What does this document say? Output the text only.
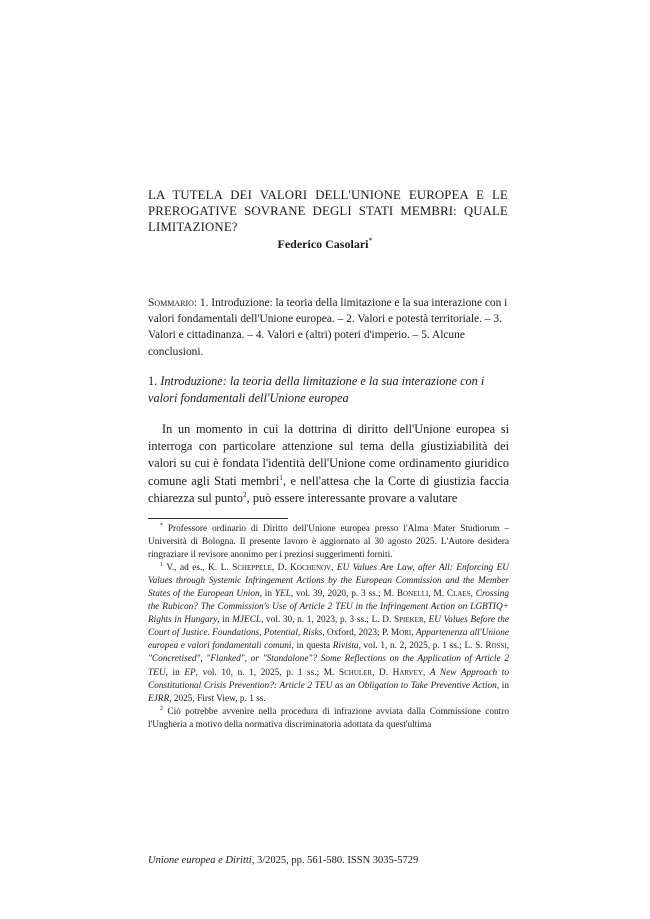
LA TUTELA DEI VALORI DELL'UNIONE EUROPEA E LE PREROGATIVE SOVRANE DEGLI STATI MEMBRI: QUALE LIMITAZIONE?

Federico Casolari*

Sommario: 1. Introduzione: la teoria della limitazione e la sua interazione con i valori fondamentali dell'Unione europea. – 2. Valori e potestà territoriale. – 3. Valori e cittadinanza. – 4. Valori e (altri) poteri d'imperio. – 5. Alcune conclusioni.

1. Introduzione: la teoria della limitazione e la sua interazione con i valori fondamentali dell'Unione europea

In un momento in cui la dottrina di diritto dell'Unione europea si interroga con particolare attenzione sul tema della giustiziabilità dei valori su cui è fondata l'identità dell'Unione come ordinamento giuridico comune agli Stati membri$^1$, e nell'attesa che la Corte di giustizia faccia chiarezza sul punto$^2$, può essere interessante provare a valutare

* Professore ordinario di Diritto dell'Unione europea presso l'Alma Mater Studiorum – Università di Bologna. Il presente lavoro è aggiornato al 30 agosto 2025. L'Autore desidera ringraziare il revisore anonimo per i preziosi suggerimenti forniti.

$^1$ V., ad es., K. L. Scheppele, D. Kochenov, EU Values Are Law, after All: Enforcing EU Values through Systemic Infringement Actions by the European Commission and the Member States of the European Union, in YEL, vol. 39, 2020, p. 3 ss.; M. Bonelli, M. Claes, Crossing the Rubicon? The Commission's Use of Article 2 TEU in the Infringement Action on LGBTIQ+ Rights in Hungary, in MJECL, vol. 30, n. 1, 2023, p. 3 ss.; L. D. Spieker, EU Values Before the Court of Justice. Foundations, Potential, Risks, Oxford, 2023; P. Mori, Appartenenza all'Unione europea e valori fondamentali comuni, in questa Rivista, vol. 1, n. 2, 2025, p. 1 ss.; L. S. Rossi, "Concretised", "Flanked", or "Standalone"? Some Reflections on the Application of Article 2 TEU, in EP, vol. 10, n. 1, 2025, p. 1 ss.; M. Schuler, D. Harvey, A New Approach to Constitutional Crisis Prevention?: Article 2 TEU as an Obligation to Take Preventive Action, in EJRR, 2025, First View, p. 1 ss.

$^2$ Ciò potrebbe avvenire nella procedura di infrazione avviata dalla Commissione contro l'Ungheria a motivo della normativa discriminatoria adottata da quest'ultima

Unione europea e Diritti, 3/2025, pp. 561-580. ISSN 3035-5729
